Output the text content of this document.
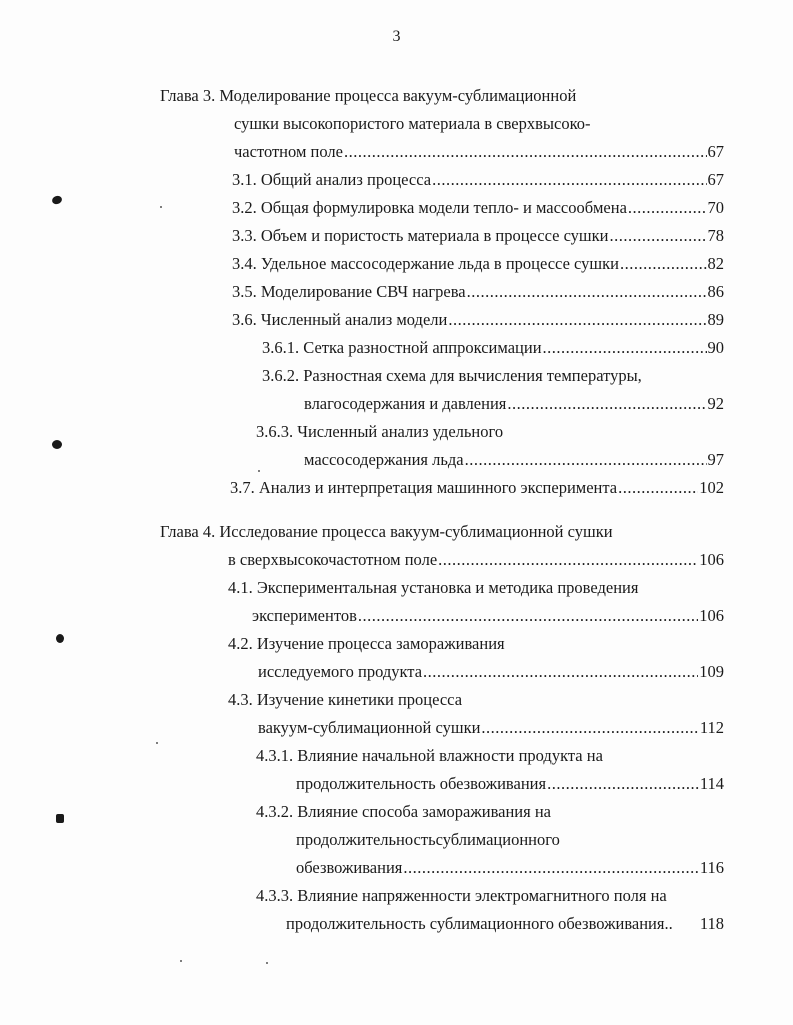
3
Глава 3. Моделирование процесса вакуум-сублимационной
сушки высокопористого материала в сверхвысоко-
частотном поле .....	67
3.1. Общий анализ процесса .....	67
3.2. Общая формулировка модели тепло- и массообмена .....	70
3.3. Объем и пористость материала в процессе сушки .....	78
3.4. Удельное массосодержание льда в процессе сушки .....	82
3.5. Моделирование СВЧ нагрева .....	86
3.6. Численный анализ модели .....	89
3.6.1. Сетка разностной аппроксимации .....	90
3.6.2. Разностная схема для вычисления температуры,
влагосодержания и давления .....	92
3.6.3. Численный анализ удельного
массосодержания льда .....	97
3.7. Анализ и интерпретация машинного эксперимента .....	102
Глава 4. Исследование процесса вакуум-сублимационной сушки
в сверхвысокочастотном поле .....	106
4.1. Экспериментальная установка и методика проведения
экспериментов .....	106
4.2. Изучение процесса замораживания
исследуемого продукта .....	109
4.3. Изучение кинетики процесса
вакуум-сублимационной сушки .....	112
4.3.1. Влияние начальной влажности продукта на
продолжительность обезвоживания .....	114
4.3.2. Влияние способа замораживания на
продолжительностьсублимационного
обезвоживания .....	116
4.3.3. Влияние напряженности электромагнитного поля на
продолжительность сублимационного обезвоживания.. 118
